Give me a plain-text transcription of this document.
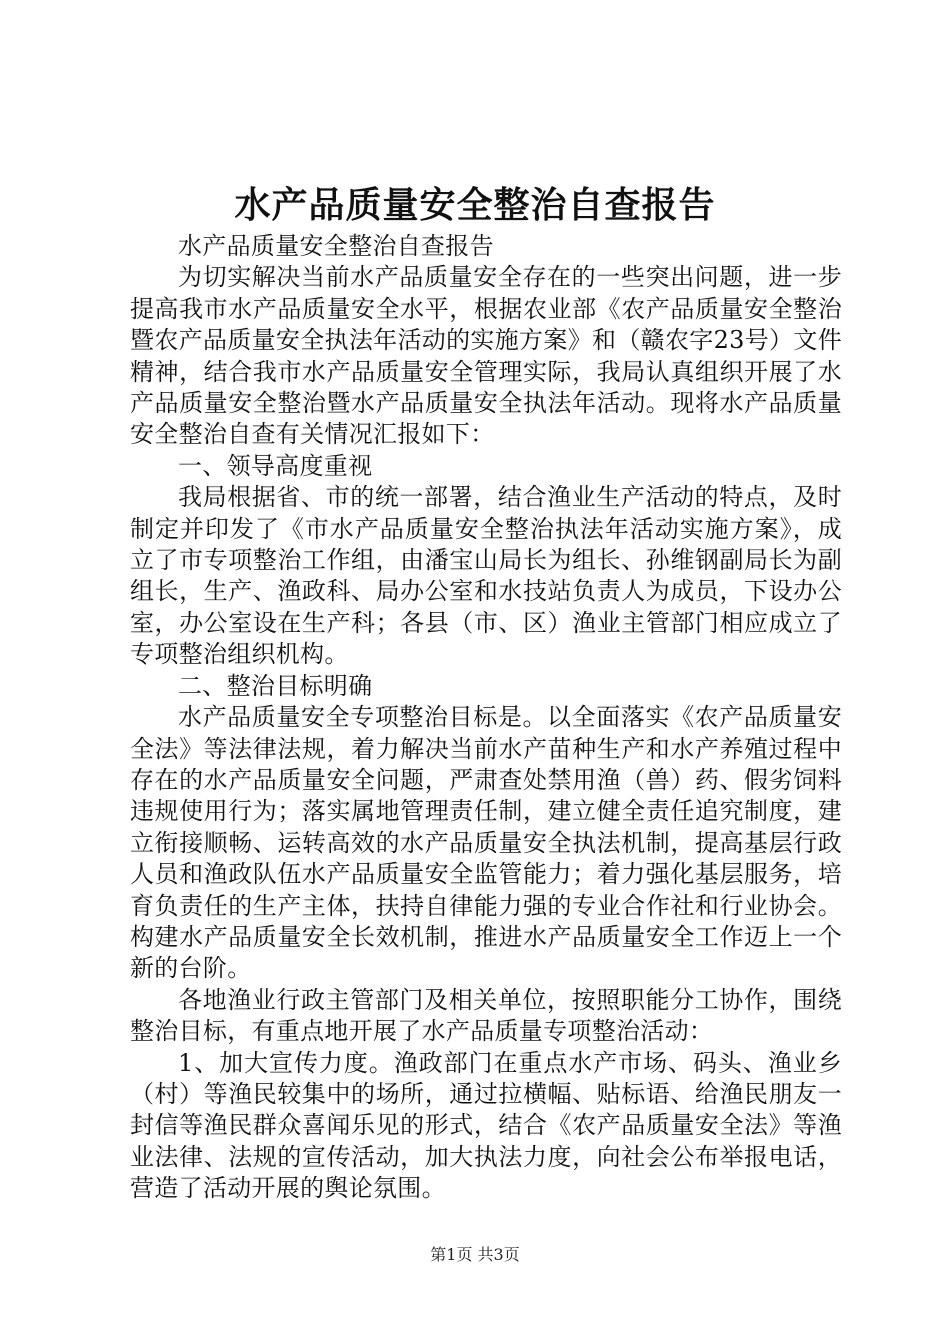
水产品质量安全整治自查报告

水产品质量安全整治自查报告

为切实解决当前水产品质量安全存在的一些突出问题，进一步提高我市水产品质量安全水平，根据农业部《农产品质量安全整治暨农产品质量安全执法年活动的实施方案》和（赣农字23号）文件精神，结合我市水产品质量安全管理实际，我局认真组织开展了水产品质量安全整治暨水产品质量安全执法年活动。现将水产品质量安全整治自查有关情况汇报如下：

一、领导高度重视

我局根据省、市的统一部署，结合渔业生产活动的特点，及时制定并印发了《市水产品质量安全整治执法年活动实施方案》，成立了市专项整治工作组，由潘宝山局长为组长、孙维钢副局长为副组长，生产、渔政科、局办公室和水技站负责人为成员，下设办公室，办公室设在生产科；各县（市、区）渔业主管部门相应成立了专项整治组织机构。

二、整治目标明确

水产品质量安全专项整治目标是。以全面落实《农产品质量安全法》等法律法规，着力解决当前水产苗种生产和水产养殖过程中存在的水产品质量安全问题，严肃查处禁用渔（兽）药、假劣饲料违规使用行为；落实属地管理责任制，建立健全责任追究制度，建立衔接顺畅、运转高效的水产品质量安全执法机制，提高基层行政人员和渔政队伍水产品质量安全监管能力；着力强化基层服务，培育负责任的生产主体，扶持自律能力强的专业合作社和行业协会。构建水产品质量安全长效机制，推进水产品质量安全工作迈上一个新的台阶。

各地渔业行政主管部门及相关单位，按照职能分工协作，围绕整治目标，有重点地开展了水产品质量专项整治活动：

1、加大宣传力度。渔政部门在重点水产市场、码头、渔业乡（村）等渔民较集中的场所，通过拉横幅、贴标语、给渔民朋友一封信等渔民群众喜闻乐见的形式，结合《农产品质量安全法》等渔业法律、法规的宣传活动，加大执法力度，向社会公布举报电话，营造了活动开展的舆论氛围。

第1页 共3页
